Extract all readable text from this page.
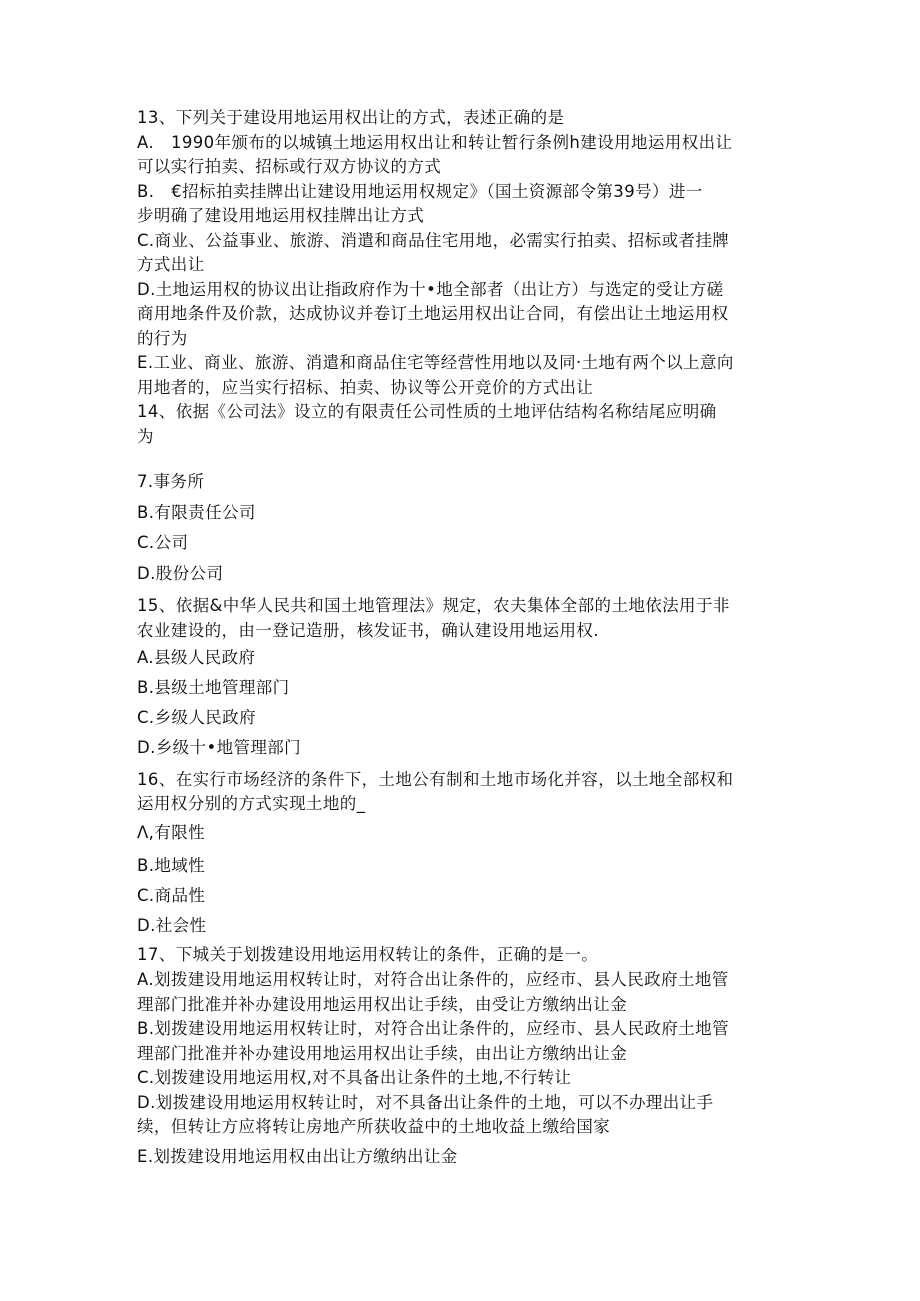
13、下列关于建设用地运用权出让的方式，表述正确的是
A.　1990年颁布的以城镇土地运用权出让和转让暂行条例h建设用地运用权出让
可以实行拍卖、招标或行双方协议的方式
B.　€招标拍卖挂牌出让建设用地运用权规定》（国土资源部令第39号）进一
步明确了建设用地运用权挂牌出让方式
C.商业、公益事业、旅游、消遣和商品住宅用地，必需实行拍卖、招标或者挂牌
方式出让
D.土地运用权的协议出让指政府作为十•地全部者（出让方）与选定的受让方磋
商用地条件及价款，达成协议并卷订土地运用权出让合同，有偿出让土地运用权
的行为
E.工业、商业、旅游、消遣和商品住宅等经营性用地以及同·土地有两个以上意向
用地者的，应当实行招标、拍卖、协议等公开竞价的方式出让
14、依据《公司法》设立的有限责任公司性质的土地评估结构名称结尾应明确
为
7.事务所
B.有限责任公司
C.公司
D.股份公司
15、依据&中华人民共和国土地管理法》规定，农夫集体全部的土地依法用于非
农业建设的，由一登记造册，核发证书，确认建设用地运用权.
A.县级人民政府
B.县级土地管理部门
C.乡级人民政府
D.乡级十•地管理部门
16、在实行市场经济的条件下，土地公有制和土地市场化并容，以土地全部权和
运用权分别的方式实现土地的_
Λ,有限性
B.地域性
C.商品性
D.社会性
17、下城关于划拨建设用地运用权转让的条件，正确的是一。
A.划拨建设用地运用权转让时，对符合出让条件的，应经市、县人民政府土地管
理部门批准并补办建设用地运用权出让手续，由受让方缴纳出让金
B.划拨建设用地运用权转让时，对符合出让条件的，应经市、县人民政府土地管
理部门批准并补办建设用地运用权出让手续，由出让方缴纳出让金
C.划拨建设用地运用权,对不具备出让条件的土地,不行转让
D.划拨建设用地运用权转让时，对不具备出让条件的土地，可以不办理出让手
续，但转让方应将转让房地产所获收益中的土地收益上缴给国家
E.划拨建设用地运用权由出让方缴纳出让金
